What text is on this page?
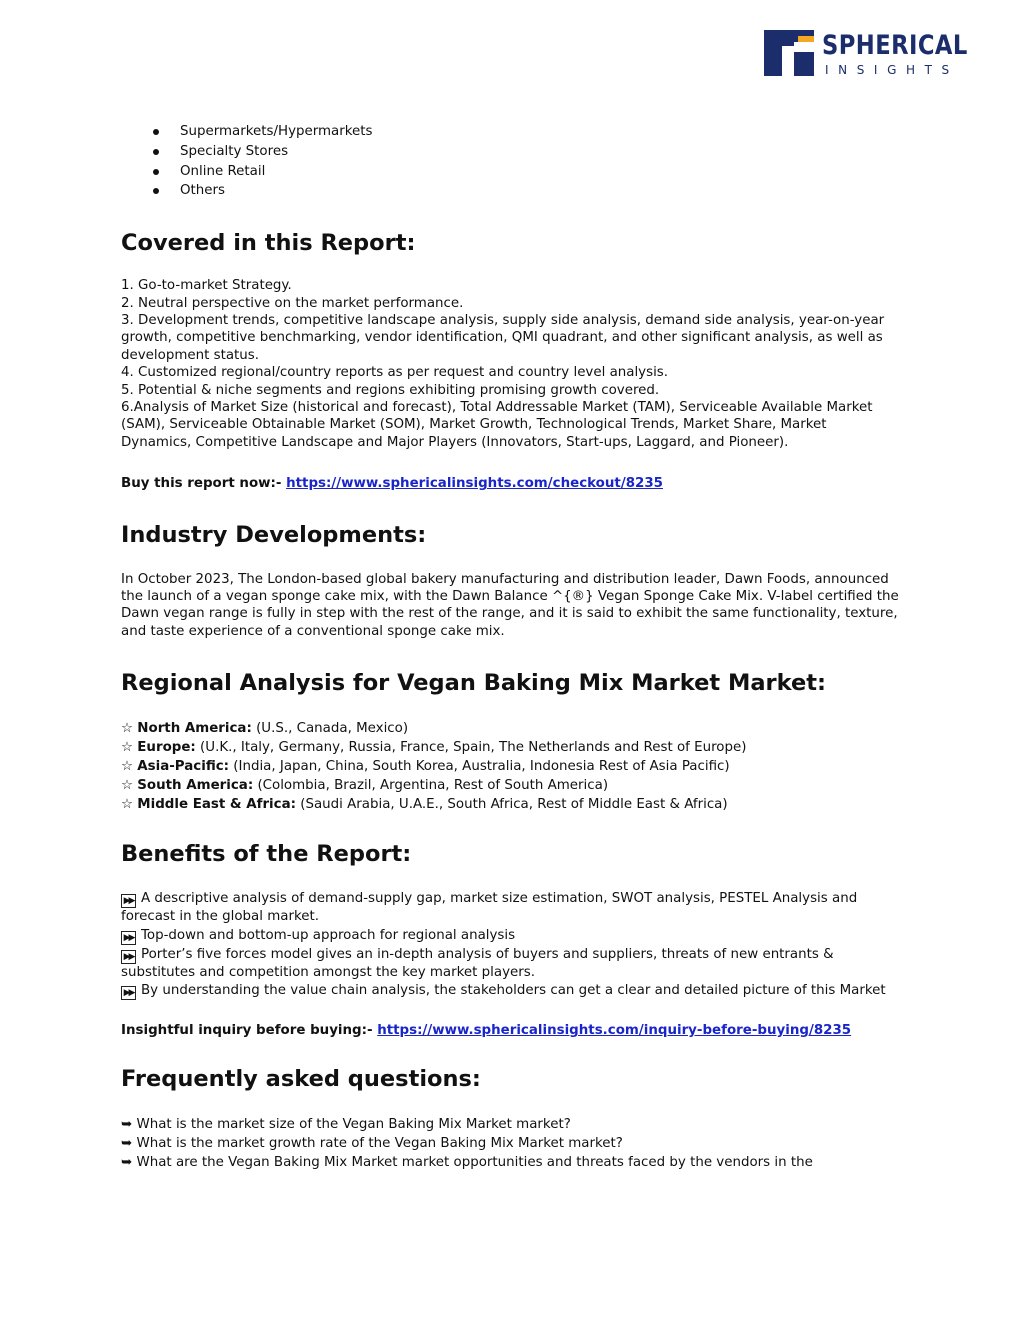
SPHERICAL
INSIGHTS
Supermarkets/Hypermarkets
Specialty Stores
Online Retail
Others
Covered in this Report:
1. Go-to-market Strategy.
2. Neutral perspective on the market performance.
3. Development trends, competitive landscape analysis, supply side analysis, demand side analysis, year-on-year growth, competitive benchmarking, vendor identification, QMI quadrant, and other significant analysis, as well as development status.
4. Customized regional/country reports as per request and country level analysis.
5. Potential & niche segments and regions exhibiting promising growth covered.
6.Analysis of Market Size (historical and forecast), Total Addressable Market (TAM), Serviceable Available Market (SAM), Serviceable Obtainable Market (SOM), Market Growth, Technological Trends, Market Share, Market Dynamics, Competitive Landscape and Major Players (Innovators, Start-ups, Laggard, and Pioneer).

Buy this report now:- https://www.sphericalinsights.com/checkout/8235

Industry Developments:

In October 2023, The London-based global bakery manufacturing and distribution leader, Dawn Foods, announced the launch of a vegan sponge cake mix, with the Dawn Balance ^{®} Vegan Sponge Cake Mix. V-label certified the Dawn vegan range is fully in step with the rest of the range, and it is said to exhibit the same functionality, texture, and taste experience of a conventional sponge cake mix.

Regional Analysis for Vegan Baking Mix Market Market:
☆ North America: (U.S., Canada, Mexico)
☆ Europe: (U.K., Italy, Germany, Russia, France, Spain, The Netherlands and Rest of Europe)
☆ Asia-Pacific: (India, Japan, China, South Korea, Australia, Indonesia Rest of Asia Pacific)
☆ South America: (Colombia, Brazil, Argentina, Rest of South America)
☆ Middle East & Africa: (Saudi Arabia, U.A.E., South Africa, Rest of Middle East & Africa)
Benefits of the Report:
▶▶ A descriptive analysis of demand-supply gap, market size estimation, SWOT analysis, PESTEL Analysis and forecast in the global market.
▶▶ Top-down and bottom-up approach for regional analysis
▶▶ Porter’s five forces model gives an in-depth analysis of buyers and suppliers, threats of new entrants & substitutes and competition amongst the key market players.
▶▶ By understanding the value chain analysis, the stakeholders can get a clear and detailed picture of this Market

Insightful inquiry before buying:- https://www.sphericalinsights.com/inquiry-before-buying/8235

Frequently asked questions:
➥ What is the market size of the Vegan Baking Mix Market market?
➥ What is the market growth rate of the Vegan Baking Mix Market market?
➥ What are the Vegan Baking Mix Market market opportunities and threats faced by the vendors in the
